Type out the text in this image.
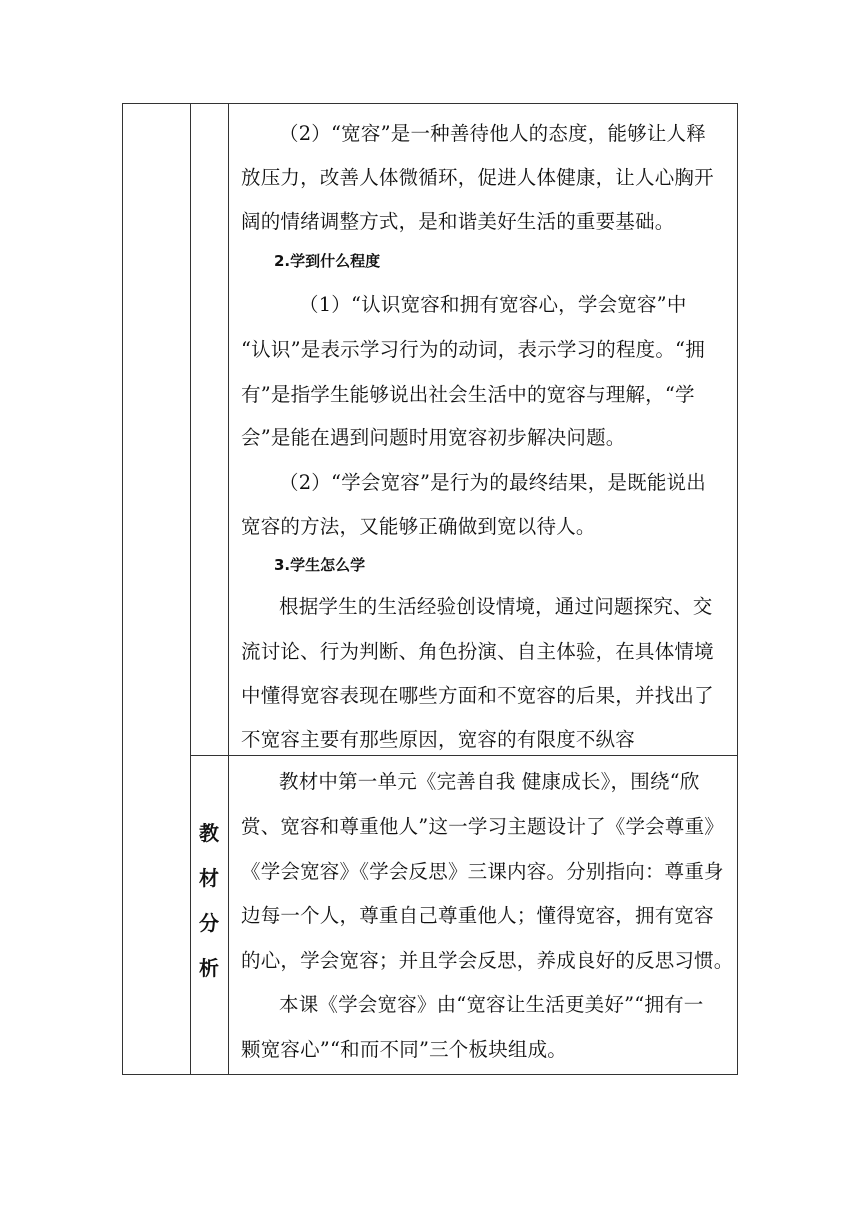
（2）“宽容”是一种善待他人的态度，能够让人释
放压力，改善人体微循环，促进人体健康，让人心胸开
阔的情绪调整方式，是和谐美好生活的重要基础。
2.学到什么程度
（1）“认识宽容和拥有宽容心，学会宽容”中
“认识”是表示学习行为的动词，表示学习的程度。“拥
有”是指学生能够说出社会生活中的宽容与理解，“学
会”是能在遇到问题时用宽容初步解决问题。
（2）“学会宽容”是行为的最终结果，是既能说出
宽容的方法，又能够正确做到宽以待人。
3.学生怎么学
根据学生的生活经验创设情境，通过问题探究、交
流讨论、行为判断、角色扮演、自主体验，在具体情境
中懂得宽容表现在哪些方面和不宽容的后果，并找出了
不宽容主要有那些原因，宽容的有限度不纵容
教
材
分
析
教材中第一单元《完善自我 健康成长》，围绕“欣
赏、宽容和尊重他人”这一学习主题设计了《学会尊重》
《学会宽容》《学会反思》三课内容。分别指向：尊重身
边每一个人，尊重自己尊重他人；懂得宽容，拥有宽容
的心，学会宽容；并且学会反思，养成良好的反思习惯。
本课《学会宽容》由“宽容让生活更美好”“拥有一
颗宽容心”“和而不同”三个板块组成。
